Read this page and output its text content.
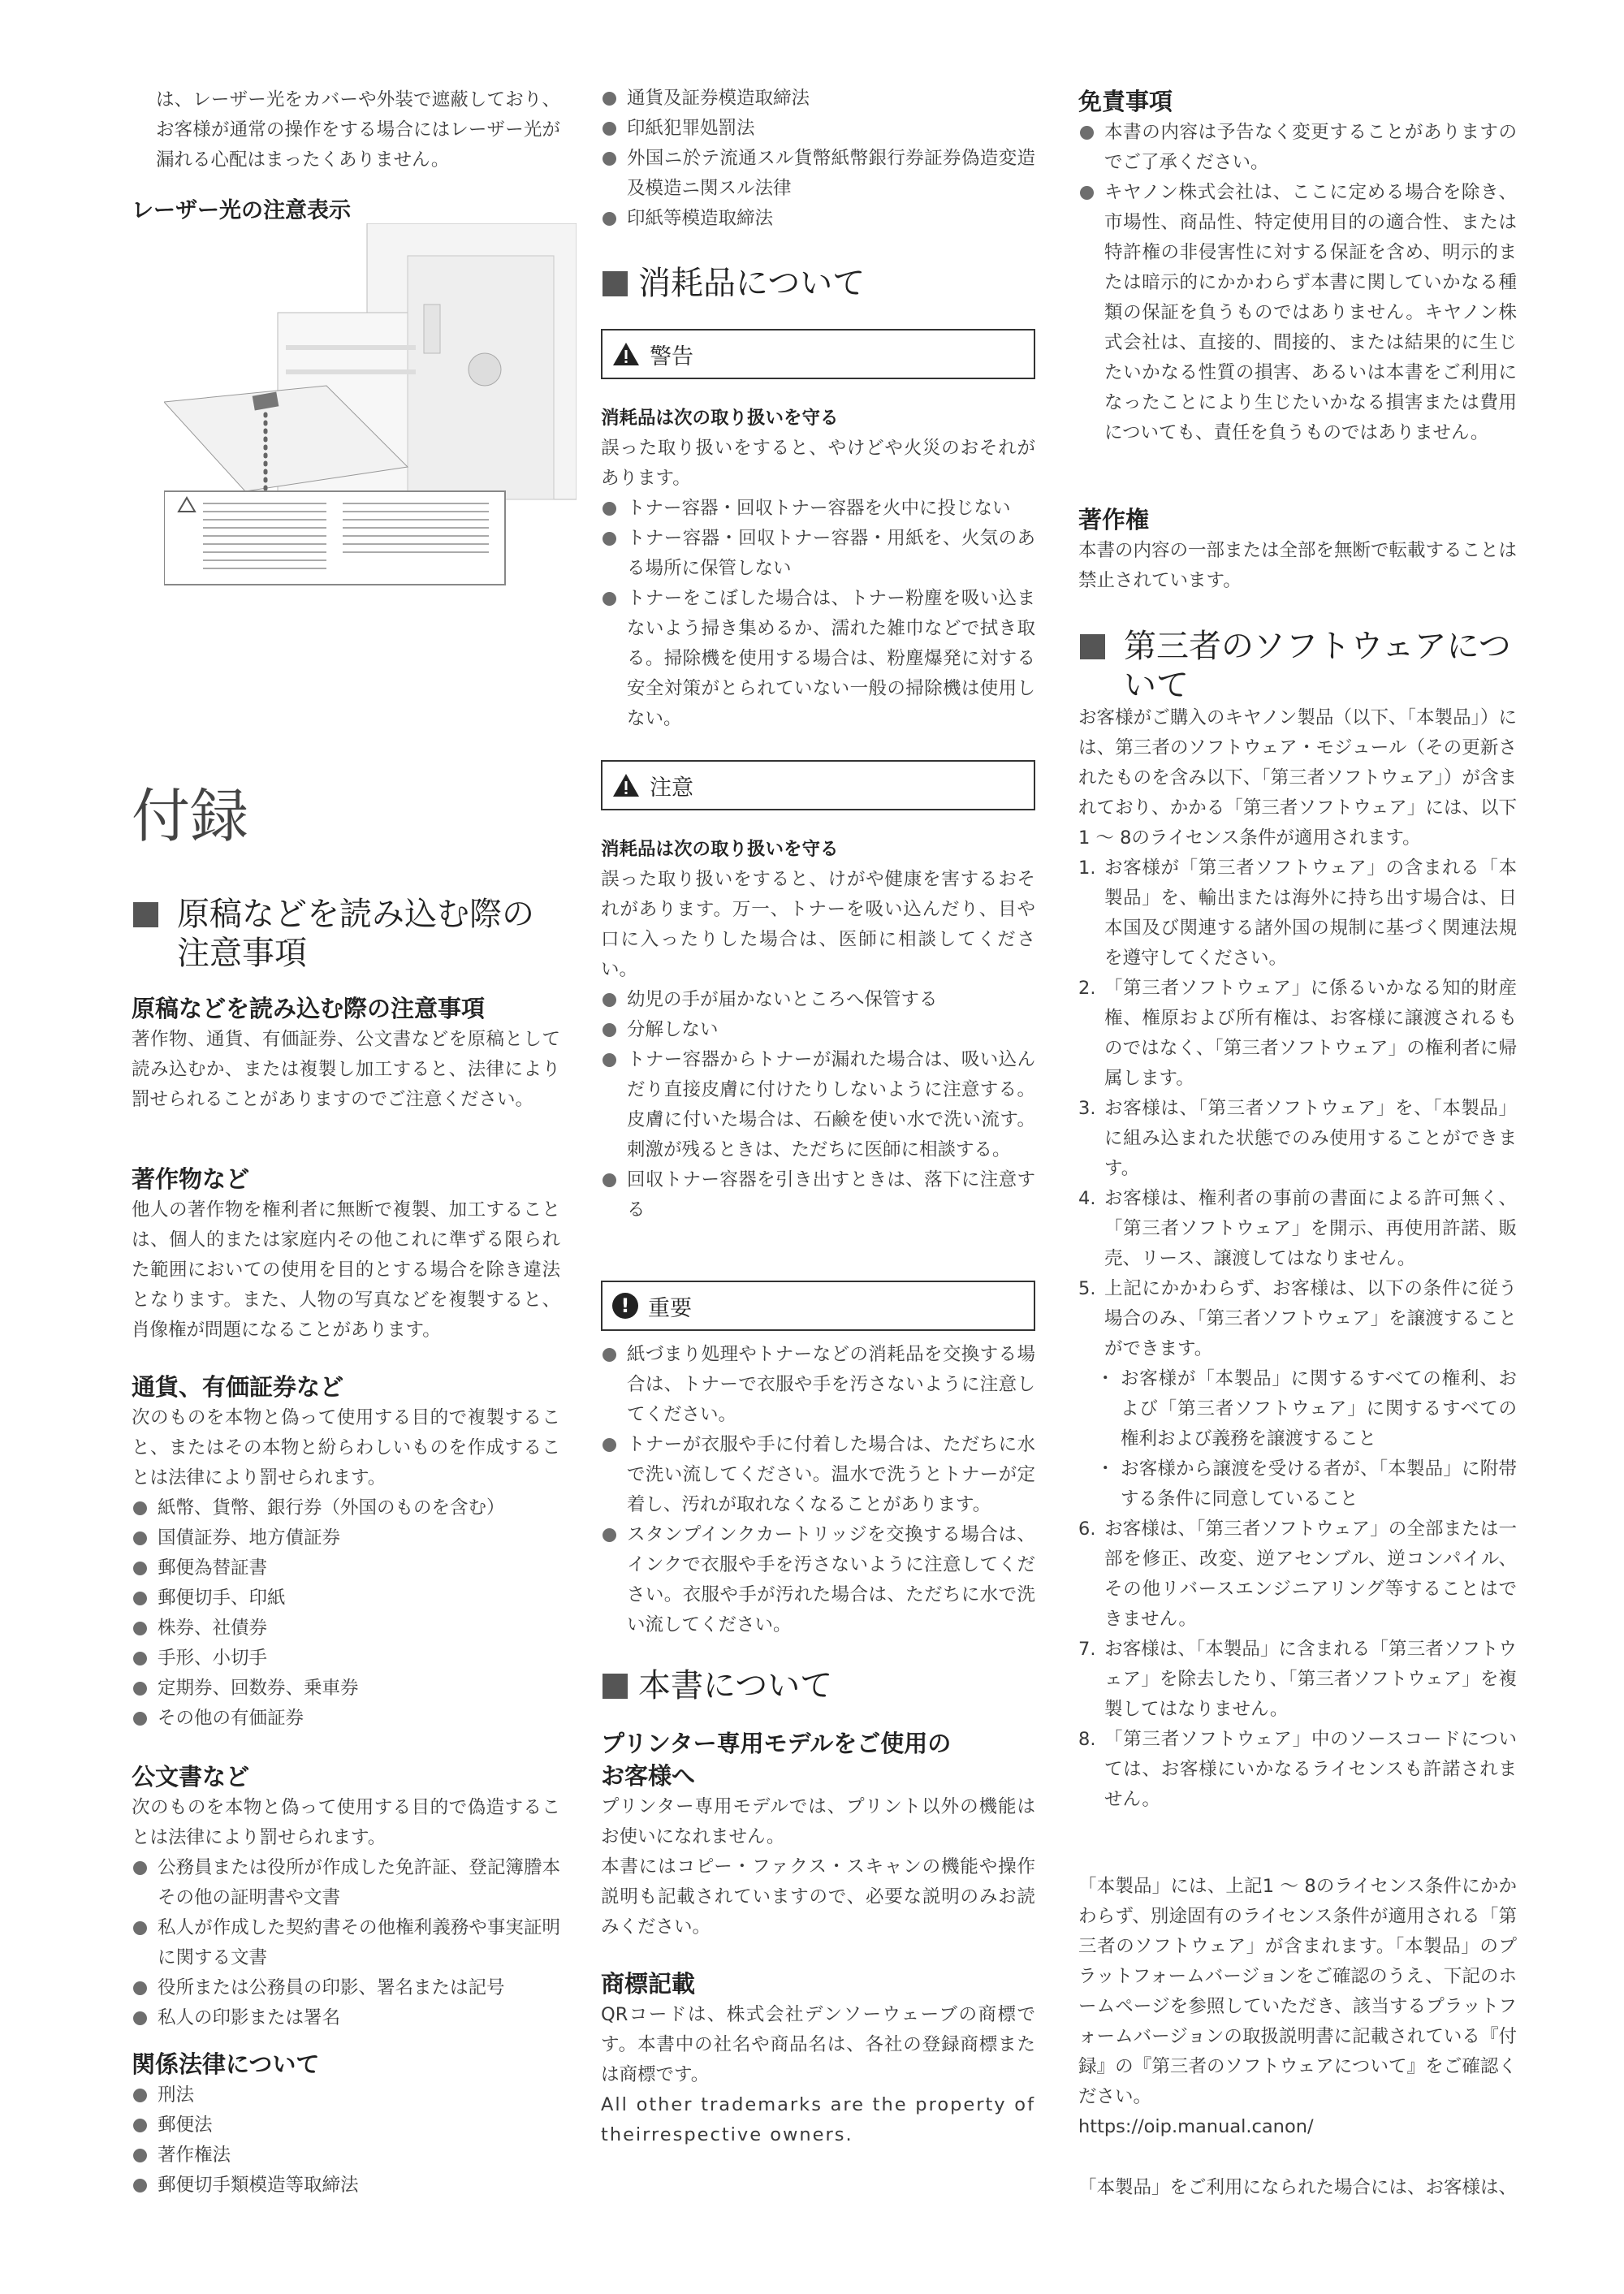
は、レーザー光をカバーや外装で遮蔽しており、お客様が通常の操作をする場合にはレーザー光が漏れる心配はまったくありません。

レーザー光の注意表示
付録
原稿などを読み込む際の注意事項
原稿などを読み込む際の注意事項

著作物、通貨、有価証券、公文書などを原稿として読み込むか、または複製し加工すると、法律により罰せられることがありますのでご注意ください。

著作物など

他人の著作物を権利者に無断で複製、加工することは、個人的または家庭内その他これに準ずる限られた範囲においての使用を目的とする場合を除き違法となります。また、人物の写真などを複製すると、肖像権が問題になることがあります。

通貨、有価証券など

次のものを本物と偽って使用する目的で複製すること、またはその本物と紛らわしいものを作成することは法律により罰せられます。

紙幣、貨幣、銀行券（外国のものを含む）
国債証券、地方債証券
郵便為替証書
郵便切手、印紙
株券、社債券
手形、小切手
定期券、回数券、乗車券
その他の有価証券
公文書など

次のものを本物と偽って使用する目的で偽造することは法律により罰せられます。

公務員または役所が作成した免許証、登記簿謄本その他の証明書や文書
私人が作成した契約書その他権利義務や事実証明に関する文書
役所または公務員の印影、署名または記号
私人の印影または署名
関係法律について
刑法
郵便法
著作権法
郵便切手類模造等取締法
通貨及証券模造取締法
印紙犯罪処罰法
外国ニ於テ流通スル貨幣紙幣銀行券証券偽造変造及模造ニ関スル法律
印紙等模造取締法
消耗品について
警告
消耗品は次の取り扱いを守る

誤った取り扱いをすると、やけどや火災のおそれがあります。

トナー容器・回収トナー容器を火中に投じない
トナー容器・回収トナー容器・用紙を、火気のある場所に保管しない
トナーをこぼした場合は、トナー粉塵を吸い込まないよう掃き集めるか、濡れた雑巾などで拭き取る。掃除機を使用する場合は、粉塵爆発に対する安全対策がとられていない一般の掃除機は使用しない。
注意
消耗品は次の取り扱いを守る

誤った取り扱いをすると、けがや健康を害するおそれがあります。万一、トナーを吸い込んだり、目や口に入ったりした場合は、医師に相談してください。

幼児の手が届かないところへ保管する
分解しない
トナー容器からトナーが漏れた場合は、吸い込んだり直接皮膚に付けたりしないように注意する。皮膚に付いた場合は、石鹸を使い水で洗い流す。刺激が残るときは、ただちに医師に相談する。
回収トナー容器を引き出すときは、落下に注意する
! 重要
紙づまり処理やトナーなどの消耗品を交換する場合は、トナーで衣服や手を汚さないように注意してください。
トナーが衣服や手に付着した場合は、ただちに水で洗い流してください。温水で洗うとトナーが定着し、汚れが取れなくなることがあります。
スタンプインクカートリッジを交換する場合は、インクで衣服や手を汚さないように注意してください。衣服や手が汚れた場合は、ただちに水で洗い流してください。
本書について
プリンター専用モデルをご使用の
お客様へ

プリンター専用モデルでは、プリント以外の機能はお使いになれません。

本書にはコピー・ファクス・スキャンの機能や操作説明も記載されていますので、必要な説明のみお読みください。

商標記載

QRコードは、株式会社デンソーウェーブの商標です。本書中の社名や商品名は、各社の登録商標または商標です。

All other trademarks are the property of theirrespective owners.

免責事項
本書の内容は予告なく変更することがありますのでご了承ください。
キヤノン株式会社は、ここに定める場合を除き、市場性、商品性、特定使用目的の適合性、または特許権の非侵害性に対する保証を含め、明示的または暗示的にかかわらず本書に関していかなる種類の保証を負うものではありません。キヤノン株式会社は、直接的、間接的、または結果的に生じたいかなる性質の損害、あるいは本書をご利用になったことにより生じたいかなる損害または費用についても、責任を負うものではありません。
著作権

本書の内容の一部または全部を無断で転載することは禁止されています。

第三者のソフトウェアについて

お客様がご購入のキヤノン製品（以下、「本製品」）には、第三者のソフトウェア・モジュール（その更新されたものを含み以下、「第三者ソフトウェア」）が含まれており、かかる「第三者ソフトウェア」には、以下1 ～ 8のライセンス条件が適用されます。

1. お客様が「第三者ソフトウェア」の含まれる「本製品」を、輸出または海外に持ち出す場合は、日本国及び関連する諸外国の規制に基づく関連法規を遵守してください。
2. 「第三者ソフトウェア」に係るいかなる知的財産権、権原および所有権は、お客様に譲渡されるものではなく、「第三者ソフトウェア」の権利者に帰属します。
3. お客様は、「第三者ソフトウェア」を、「本製品」に組み込まれた状態でのみ使用することができます。
4. お客様は、権利者の事前の書面による許可無く、「第三者ソフトウェア」を開示、再使用許諾、販売、リース、譲渡してはなりません。
5. 上記にかかわらず、お客様は、以下の条件に従う場合のみ、「第三者ソフトウェア」を譲渡することができます。
・ お客様が「本製品」に関するすべての権利、および「第三者ソフトウェア」に関するすべての権利および義務を譲渡すること
・ お客様から譲渡を受ける者が、「本製品」に附帯する条件に同意していること
6. お客様は、「第三者ソフトウェア」の全部または一部を修正、改変、逆アセンブル、逆コンパイル、その他リバースエンジニアリング等することはできません。
7. お客様は、「本製品」に含まれる「第三者ソフトウェア」を除去したり、「第三者ソフトウェア」を複製してはなりません。
8. 「第三者ソフトウェア」中のソースコードについては、お客様にいかなるライセンスも許諾されません。

「本製品」には、上記1 ～ 8のライセンス条件にかかわらず、別途固有のライセンス条件が適用される「第三者のソフトウェア」が含まれます。「本製品」のプラットフォームバージョンをご確認のうえ、下記のホームページを参照していただき、該当するプラットフォームバージョンの取扱説明書に記載されている『付録』の『第三者のソフトウェアについて』をご確認ください。

https://oip.manual.canon/

「本製品」をご利用になられた場合には、お客様は、
